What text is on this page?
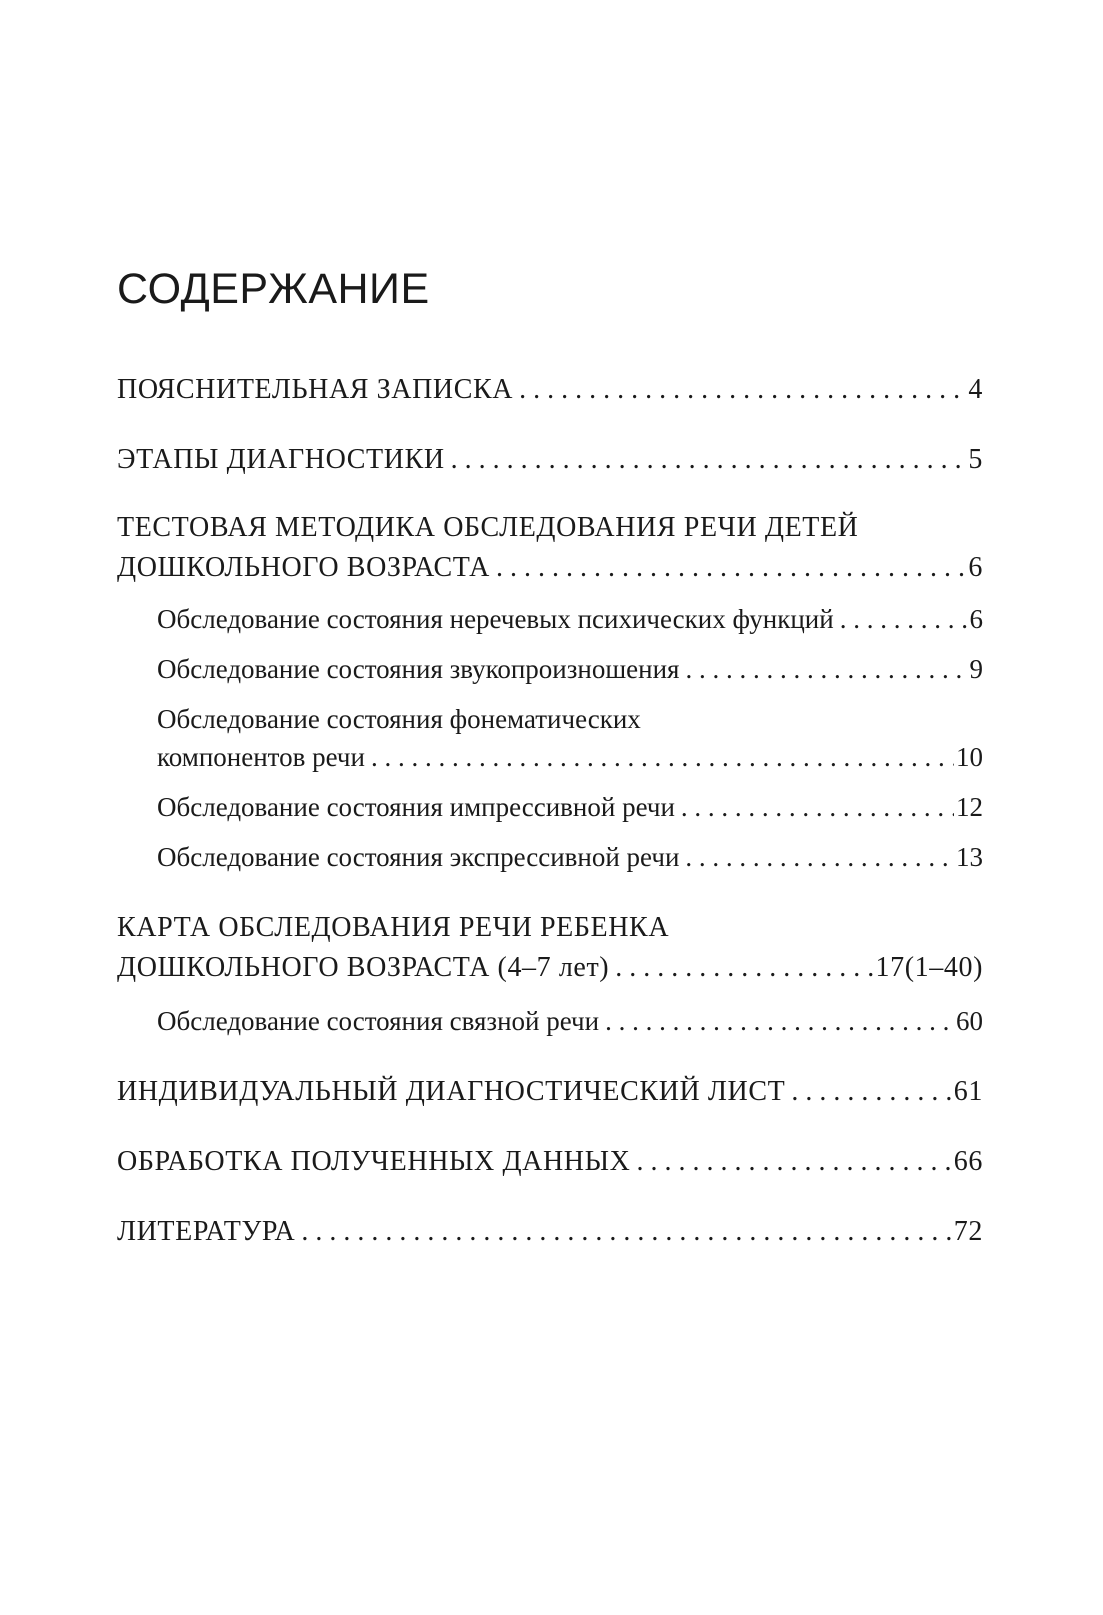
СОДЕРЖАНИЕ
ПОЯСНИТЕЛЬНАЯ ЗАПИСКА . . .	4
ЭТАПЫ ДИАГНОСТИКИ . . .	5
ТЕСТОВАЯ МЕТОДИКА ОБСЛЕДОВАНИЯ РЕЧИ ДЕТЕЙ
ДОШКОЛЬНОГО ВОЗРАСТА . . .	6
Обследование состояния неречевых психических функций . . .	6
Обследование состояния звукопроизношения . . .	9
Обследование состояния фонематических
компонентов речи . . .	10
Обследование состояния импрессивной речи . . .	12
Обследование состояния экспрессивной речи . . .	13
КАРТА ОБСЛЕДОВАНИЯ РЕЧИ РЕБЕНКА
ДОШКОЛЬНОГО ВОЗРАСТА (4–7 лет) . . .	17(1–40)
Обследование состояния связной речи . . .	60
ИНДИВИДУАЛЬНЫЙ ДИАГНОСТИЧЕСКИЙ ЛИСТ . . .	61
ОБРАБОТКА ПОЛУЧЕННЫХ ДАННЫХ . . .	66
ЛИТЕРАТУРА . . .	72
